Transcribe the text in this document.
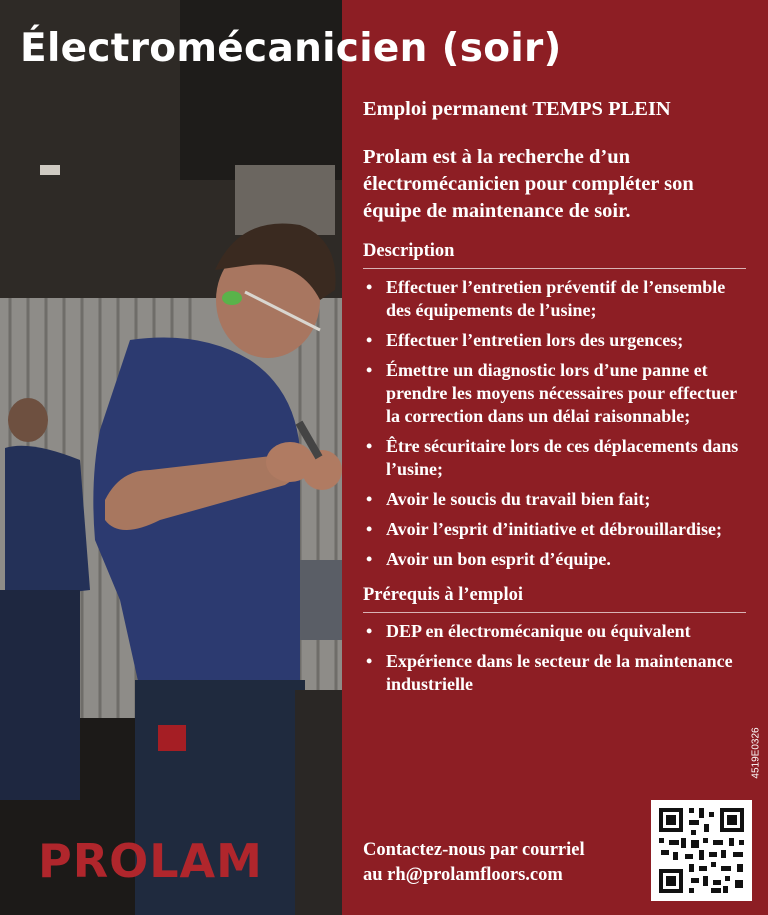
Électromécanicien (soir)

Emploi permanent TEMPS PLEIN

Prolam est à la recherche d’un électromécanicien pour compléter son équipe de maintenance de soir.

Description
• Effectuer l’entretien préventif de l’ensemble des équipements de l’usine;
• Effectuer l’entretien lors des urgences;
• Émettre un diagnostic lors d’une panne et prendre les moyens nécessaires pour effectuer la correction dans un délai raisonnable;
• Être sécuritaire lors de ces déplacements dans l’usine;
• Avoir le soucis du travail bien fait;
• Avoir l’esprit d’initiative et débrouillardise;
• Avoir un bon esprit d’équipe.
Prérequis à l’emploi
• DEP en électromécanique ou équivalent
• Expérience dans le secteur de la maintenance industrielle
Contactez-nous par courriel
au rh@prolamfloors.com
4519E0326
PROLAM
